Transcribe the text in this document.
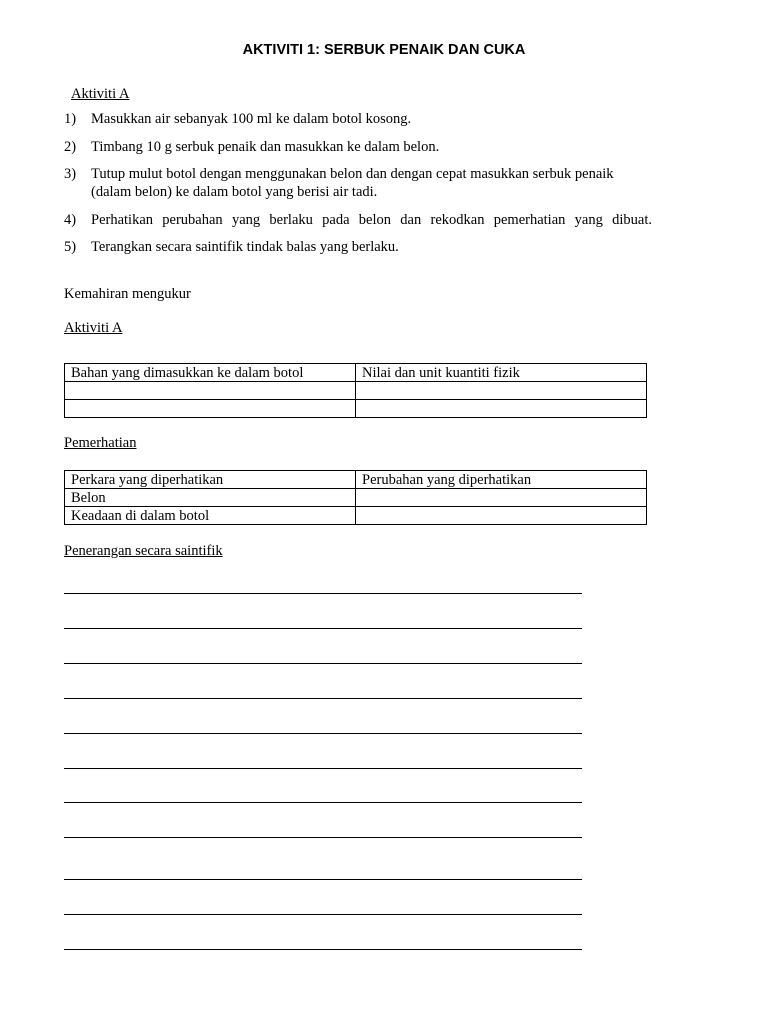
AKTIVITI 1: SERBUK PENAIK DAN CUKA
Aktiviti A
1)	Masukkan air sebanyak 100 ml ke dalam botol kosong.
2)	Timbang 10 g serbuk penaik dan masukkan ke dalam belon.
3)	Tutup mulut botol dengan menggunakan belon dan dengan cepat masukkan serbuk penaik (dalam belon) ke dalam botol yang berisi air tadi.
4)	Perhatikan perubahan yang berlaku pada belon dan rekodkan pemerhatian yang dibuat.
5)	Terangkan secara saintifik tindak balas yang berlaku.
Kemahiran mengukur
Aktiviti A
Bahan yang dimasukkan ke dalam botol	Nilai dan unit kuantiti fizik

Pemerhatian
Perkara yang diperhatikan	Perubahan yang diperhatikan
Belon	
Keadaan di dalam botol	
Penerangan secara saintifik
